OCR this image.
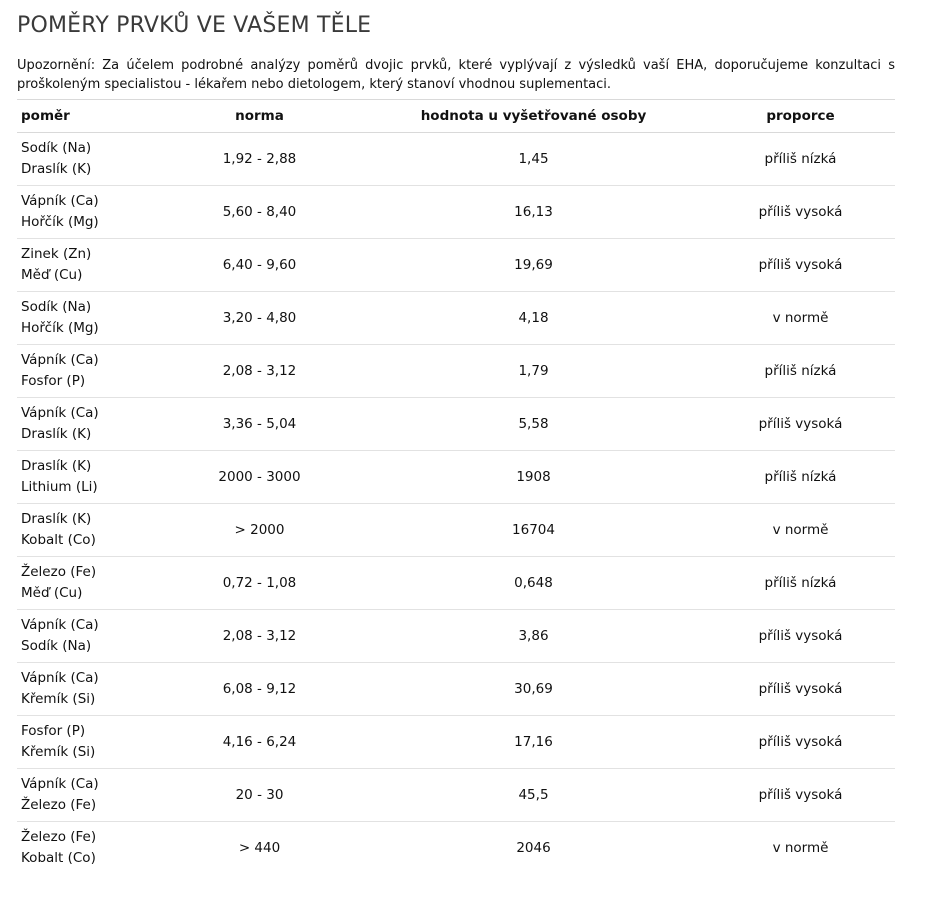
POMĚRY PRVKŮ VE VAŠEM TĚLE

Upozornění: Za účelem podrobné analýzy poměrů dvojic prvků, které vyplývají z výsledků vaší EHA, doporučujeme konzultaci s proškoleným specialistou - lékařem nebo dietologem, který stanoví vhodnou suplementaci.

poměr	norma	hodnota u vyšetřované osoby	proporce

Sodík (Na)
Draslík (K)	1,92 - 2,88	1,45	příliš nízká

Vápník (Ca)
Hořčík (Mg)	5,60 - 8,40	16,13	příliš vysoká

Zinek (Zn)
Měď (Cu)	6,40 - 9,60	19,69	příliš vysoká

Sodík (Na)
Hořčík (Mg)	3,20 - 4,80	4,18	v normě

Vápník (Ca)
Fosfor (P)	2,08 - 3,12	1,79	příliš nízká

Vápník (Ca)
Draslík (K)	3,36 - 5,04	5,58	příliš vysoká

Draslík (K)
Lithium (Li)	2000 - 3000	1908	příliš nízká

Draslík (K)
Kobalt (Co)	> 2000	16704	v normě

Železo (Fe)
Měď (Cu)	0,72 - 1,08	0,648	příliš nízká

Vápník (Ca)
Sodík (Na)	2,08 - 3,12	3,86	příliš vysoká

Vápník (Ca)
Křemík (Si)	6,08 - 9,12	30,69	příliš vysoká

Fosfor (P)
Křemík (Si)	4,16 - 6,24	17,16	příliš vysoká

Vápník (Ca)
Železo (Fe)	20 - 30	45,5	příliš vysoká

Železo (Fe)
Kobalt (Co)	> 440	2046	v normě
